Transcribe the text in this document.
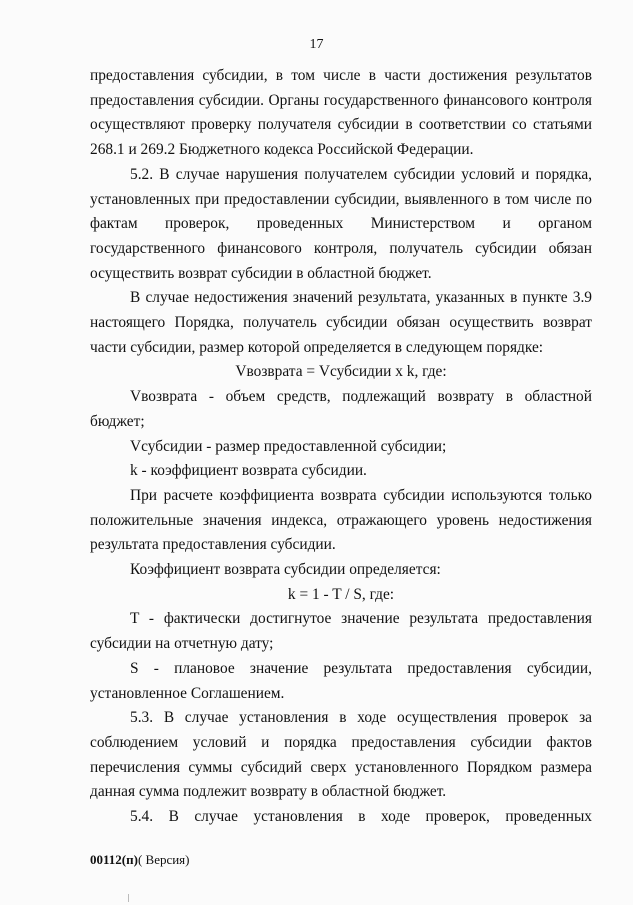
17

предоставления субсидии, в том числе в части достижения результатов предоставления субсидии. Органы государственного финансового контроля осуществляют проверку получателя субсидии в соответствии со статьями 268.1 и 269.2 Бюджетного кодекса Российской Федерации.

5.2. В случае нарушения получателем субсидии условий и порядка, установленных при предоставлении субсидии, выявленного в том числе по фактам проверок, проведенных Министерством и органом государственного финансового контроля, получатель субсидии обязан осуществить возврат субсидии в областной бюджет.

В случае недостижения значений результата, указанных в пункте 3.9 настоящего Порядка, получатель субсидии обязан осуществить возврат части субсидии, размер которой определяется в следующем порядке:

Vвозврата = Vсубсидии x k, где:

Vвозврата - объем средств, подлежащий возврату в областной бюджет;

Vсубсидии - размер предоставленной субсидии;

k - коэффициент возврата субсидии.

При расчете коэффициента возврата субсидии используются только положительные значения индекса, отражающего уровень недостижения результата предоставления субсидии.

Коэффициент возврата субсидии определяется:

k = 1 - T / S, где:

T - фактически достигнутое значение результата предоставления субсидии на отчетную дату;

S - плановое значение результата предоставления субсидии, установленное Соглашением.

5.3. В случае установления в ходе осуществления проверок за соблюдением условий и порядка предоставления субсидии фактов перечисления суммы субсидий сверх установленного Порядком размера данная сумма подлежит возврату в областной бюджет.

5.4. В случае установления в ходе проверок, проведенных

00112(п)( Версия)
